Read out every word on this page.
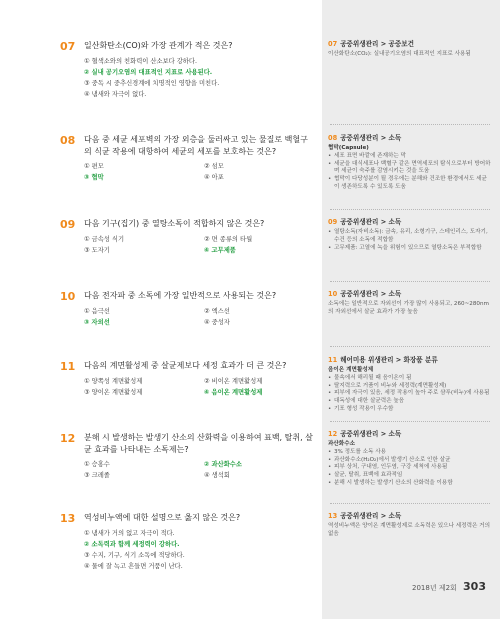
07	일산화탄소(CO)와 가장 관계가 적은 것은?
① 혈색소와의 친화력이 산소보다 강하다.
② 실내 공기오염의 대표적인 지표로 사용된다.
③ 중독 시 중추신경계에 치명적인 영향을 미친다.
④ 냄새와 자극이 없다.
08	다음 중 세균 세포벽의 가장 외층을 둘러싸고 있는 물질로 백혈구의 식균 작용에 대항하여 세균의 세포를 보호하는 것은?
① 편모	② 섬모
③ 협막	④ 아포
09	다음 기구(집기) 중 열탕소독이 적합하지 않은 것은?
① 금속성 식기	② 면 종류의 타월
③ 도자기	④ 고무제품
10	다음 전자파 중 소독에 가장 일반적으로 사용되는 것은?
① 음극선	② 엑스선
③ 자외선	④ 중성자
11	다음의 계면활성제 중 살균제보다 세정 효과가 더 큰 것은?
① 양쪽성 계면활성제	② 비이온 계면활성제
③ 양이온 계면활성제	④ 음이온 계면활성제
12	분해 시 발생하는 발생기 산소의 산화력을 이용하여 표백, 탈취, 살균 효과를 나타내는 소독제는?
① 승홍수	② 과산화수소
③ 크레졸	④ 생석회
13	역성비누액에 대한 설명으로 옳지 않은 것은?
① 냄새가 거의 없고 자극이 적다.
② 소독력과 함께 세정력이 강하다.
③ 수지, 기구, 식기 소독에 적당하다.
④ 물에 잘 녹고 흔들면 거품이 난다.
07 공중위생관리 > 공중보건
이산화탄소(CO₂): 실내공기오염의 대표적인 지표로 사용됨
08 공중위생관리 > 소독
협막(Capsule)
• 세포 표면 바깥에 존재하는 막
• 세균을 대식세포나 백혈구 같은 면역세포의 탐식으로부터 방어하며 세균이 숙주를 감염시키는 것을 도움
• 협막이 다당성분이 될 경우에는 분해와 건조한 환경에서도 세균이 생존하도록 수 있도록 도움
09 공중위생관리 > 소독
• 열탕소독(자비소독): 금속, 유리, 소형기구, 스테인리스, 도자기, 수건 등의 소독에 적합함
• 고무제품: 고열에 녹을 위험이 있으므로 열탕소독은 부적합함
10 공중위생관리 > 소독
소독에는 일반적으로 자외선이 가장 많이 사용되고, 260~280nm의 자외선에서 살균 효과가 가장 높음
11 헤어미용 위생관리 > 화장품 분류
음이온 계면활성제
• 물속에서 해리될 때 음이온이 됨
• 탈지력으로 거품이 비누와 세정력(계면활성제)
• 피부에 자극이 있음, 세정 작용이 높아 주로 샴푸(비누)에 사용됨
• 대독성에 대한 살균력은 높음
• 기포 형성 작용이 우수함
12 공중위생관리 > 소독
과산화수소
• 3% 정도를 소독 사용
• 과산화수소(H₂O₂)에서 발생기 산소로 인한 살균
• 피부 상처, 구내염, 인두염, 구강 세척에 사용됨
• 살균, 탈취, 표백에 효과적임
• 분해 시 발생하는 발생기 산소의 산화력을 이용함
13 공중위생관리 > 소독
역성비누액은 양이온 계면활성제로 소독력은 있으나 세정력은 거의 없음
2018년 제2회 303
